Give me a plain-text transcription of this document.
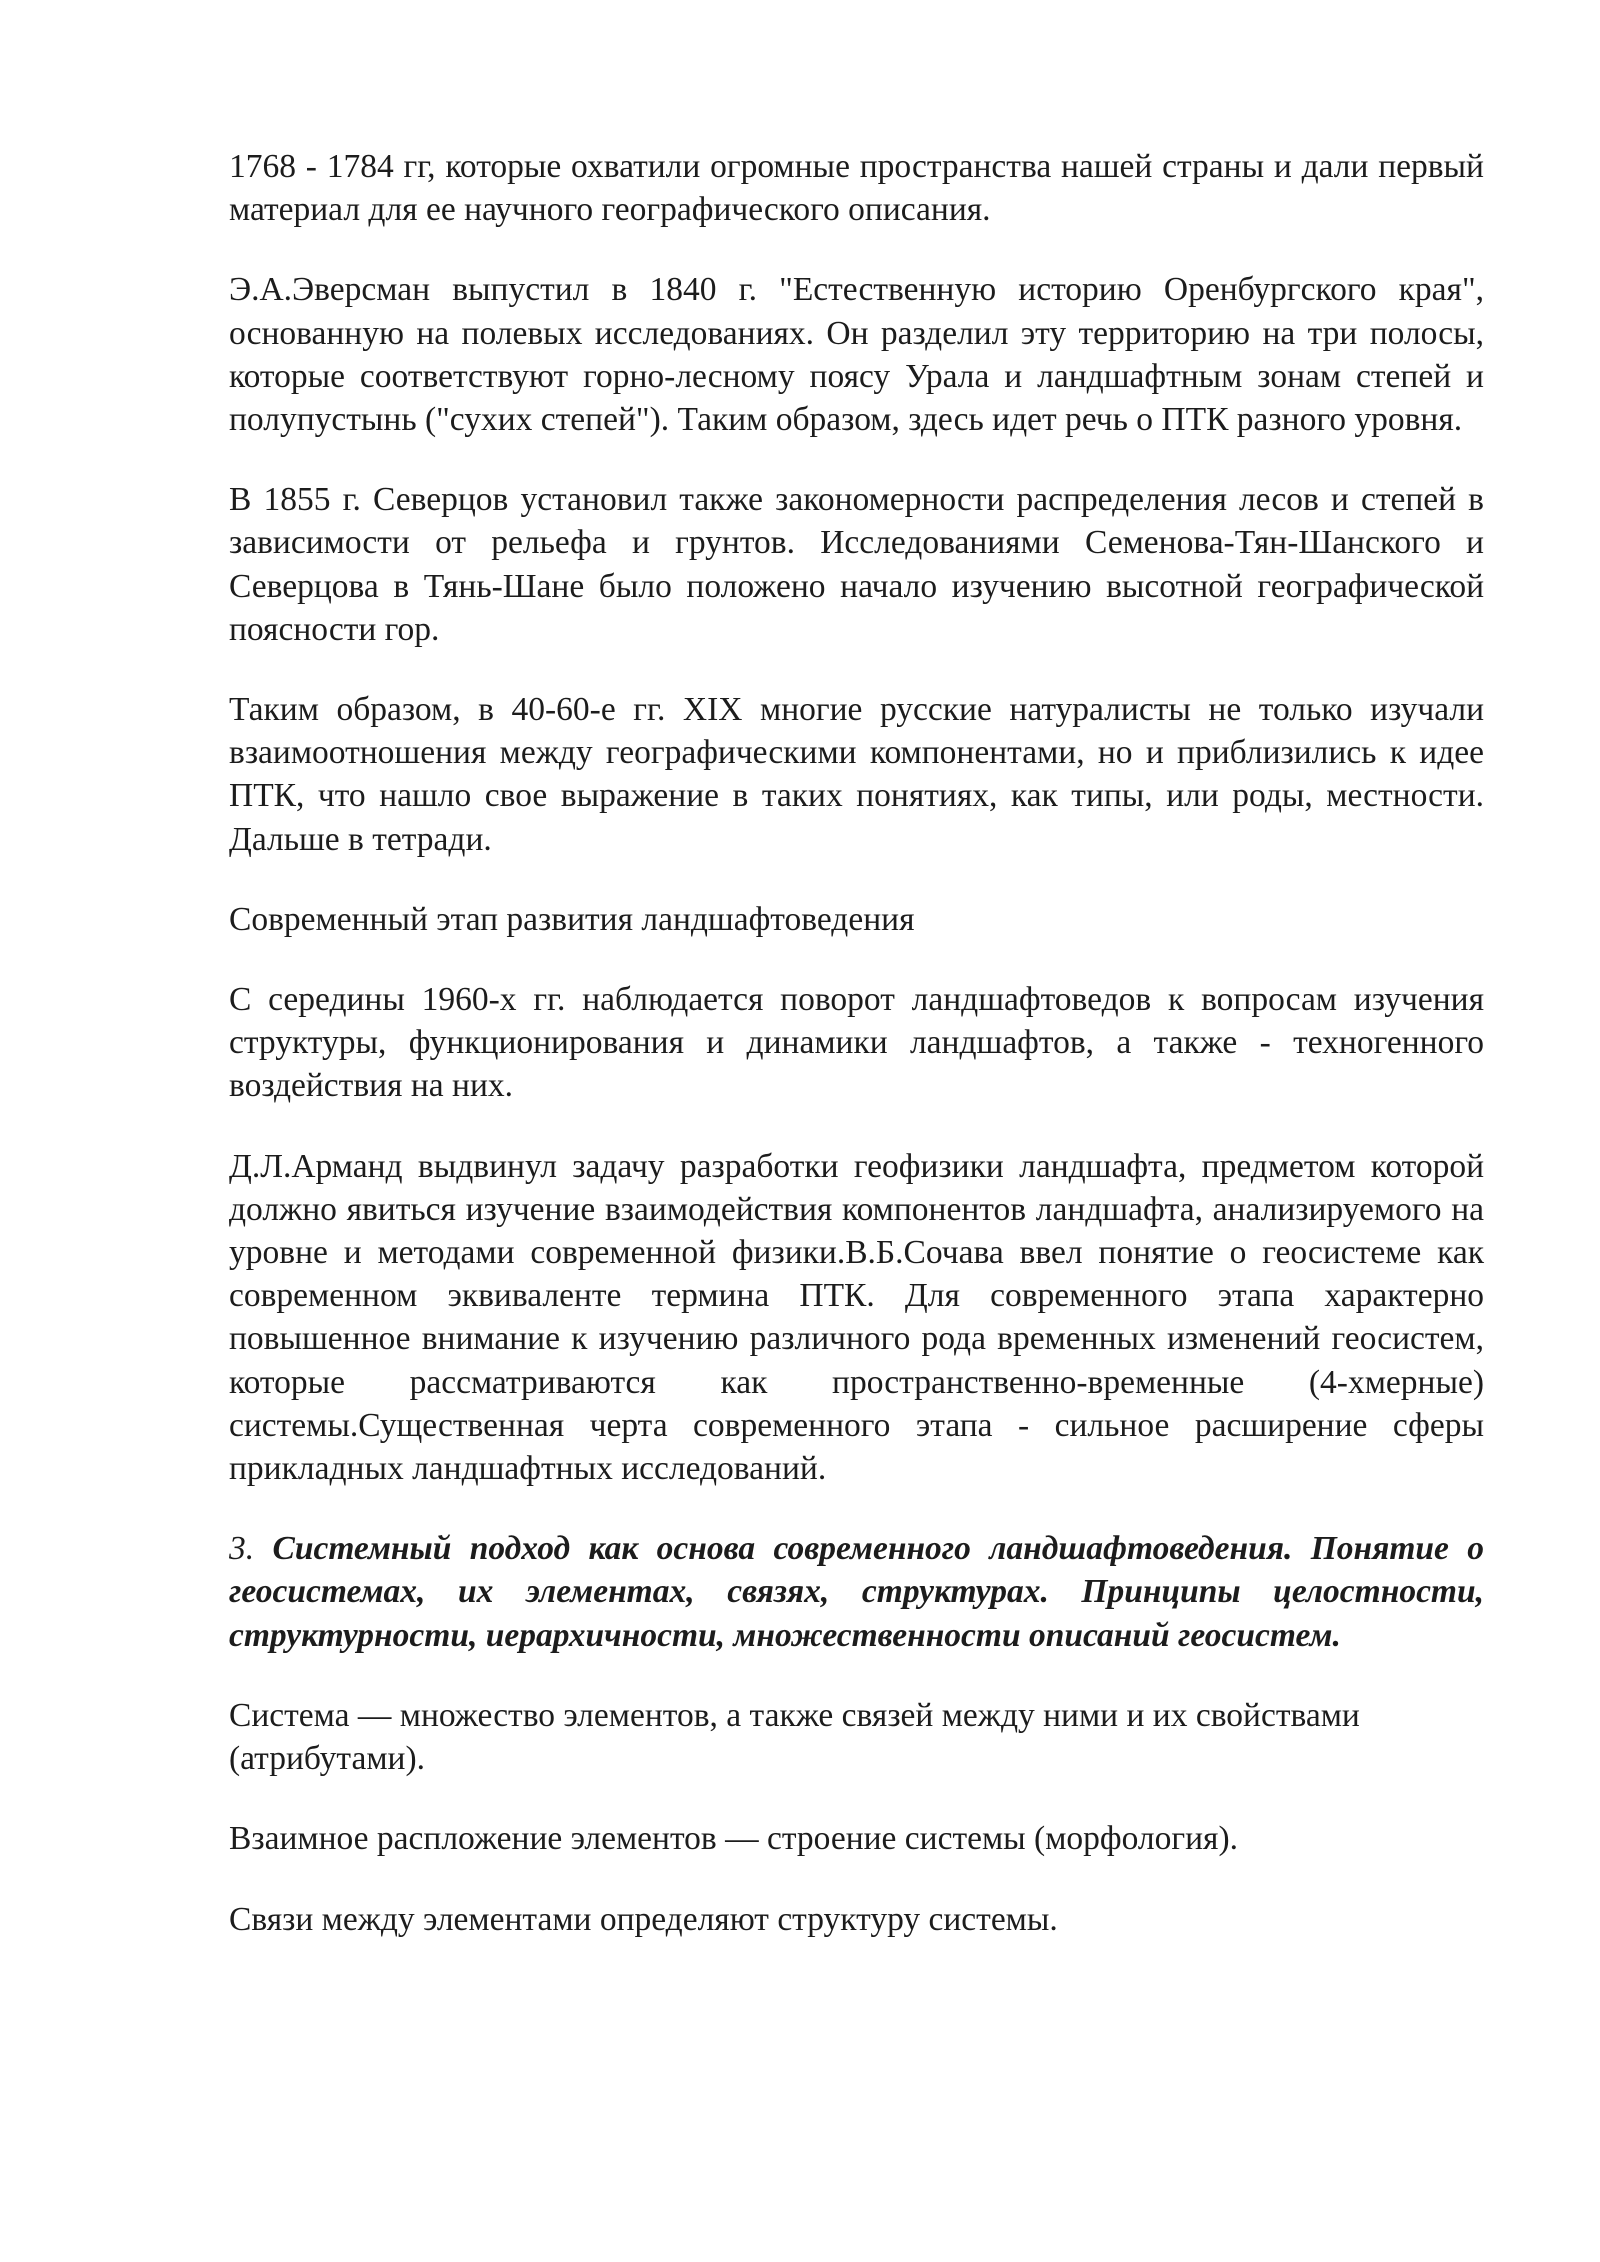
1768 - 1784 гг, которые охватили огромные пространства нашей страны и дали первый материал для ее научного географического описания.

Э.А.Эверсман выпустил в 1840 г. "Естественную историю Оренбургского края", основанную на полевых исследованиях. Он разделил эту территорию на три полосы, которые соответствуют горно-лесному поясу Урала и ландшафтным зонам степей и полупустынь ("сухих степей"). Таким образом, здесь идет речь о ПТК разного уровня.

В 1855 г. Северцов установил также закономерности распределения лесов и степей в зависимости от рельефа и грунтов. Исследованиями Семенова-Тян-Шанского и Северцова в Тянь-Шане было положено начало изучению высотной географической поясности гор.

Таким образом, в 40-60-е гг. XIX многие русские натуралисты не только изучали взаимоотношения между географическими компонентами, но и приблизились к идее ПТК, что нашло свое выражение в таких понятиях, как типы, или роды, местности. Дальше в тетради.

Современный этап развития ландшафтоведения

С середины 1960-х гг. наблюдается поворот ландшафтоведов к вопросам изучения структуры, функционирования и динамики ландшафтов, а также - техногенного воздействия на них.

Д.Л.Арманд выдвинул задачу разработки геофизики ландшафта, предметом которой должно явиться изучение взаимодействия компонентов ландшафта, анализируемого на уровне и методами современной физики.В.Б.Сочава ввел понятие о геосистеме как современном эквиваленте термина ПТК. Для современного этапа характерно повышенное внимание к изучению различного рода временных изменений геосистем, которые рассматриваются как пространственно-временные (4-хмерные) системы.Существенная черта современного этапа - сильное расширение сферы прикладных ландшафтных исследований.

3. Системный подход как основа современного ландшафтоведения. Понятие о геосистемах, их элементах, связях, структурах. Принципы целостности, структурности, иерархичности, множественности описаний геосистем.

Система — множество элементов, а также связей между ними и их свойствами (атрибутами).

Взаимное распложение элементов — строение системы (морфология).

Связи между элементами определяют структуру системы.
